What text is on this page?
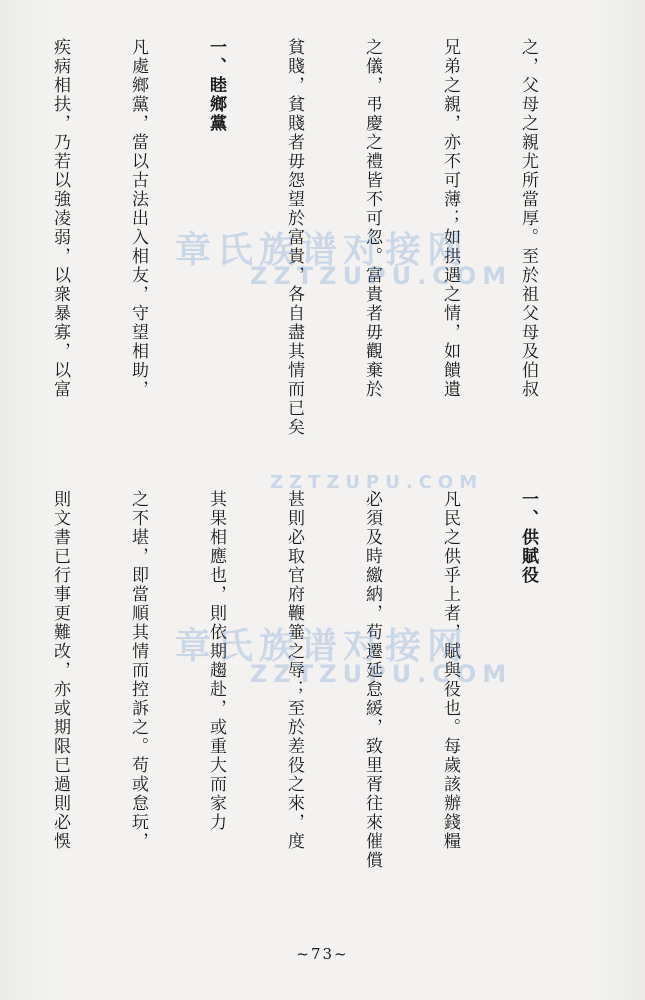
之，父母之親尤所當厚。至於祖父母及伯叔

兄弟之親，亦不可薄；如拱遇之情，如饋遺

之儀，弔慶之禮皆不可忽。富貴者毋觀棄於

貧賤，貧賤者毋怨望於富貴，各自盡其情而已矣

一、睦鄉黨

凡處鄉黨，當以古法出入相友，守望相助，

疾病相扶，乃若以強凌弱，以衆暴寡，以富

一、供賦役

凡民之供乎上者，賦與役也。每歲該辦錢糧

必須及時繳納，苟遷延怠緩，致里胥往來催償

甚則必取官府鞭箠之辱；至於差役之來，度

其果相應也，則依期趨赴，或重大而家力

之不堪，即當順其情而控訴之。苟或怠玩，

則文書已行事更難改，亦或期限已過則必悞

章氏族谱对接网
ZZTZUPU.COM
ZZTZUPU.COM
章氏族谱对接网
ZZTZUPU.COM
~73~
